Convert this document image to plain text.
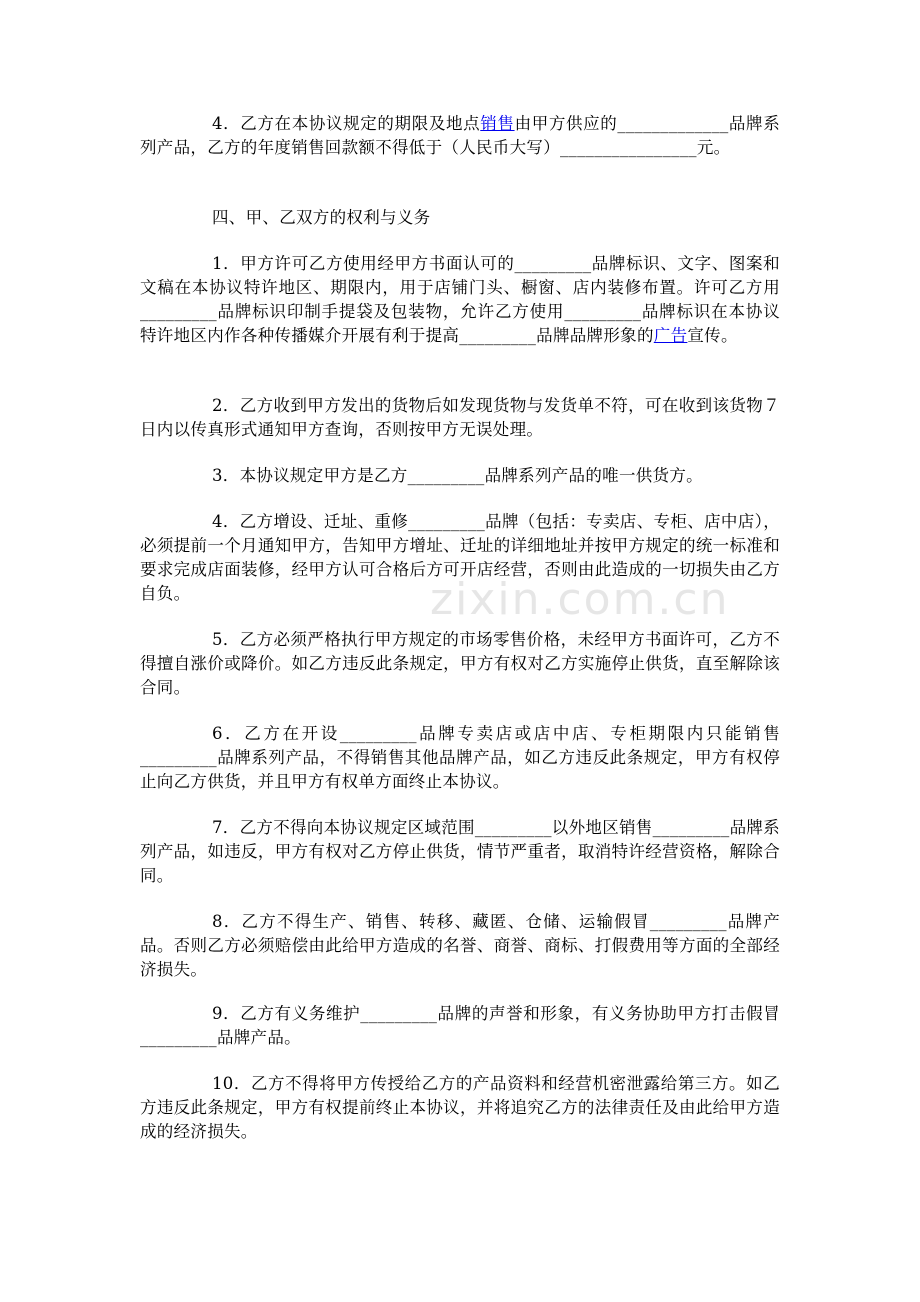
zixin.com.cn

4．乙方在本协议规定的期限及地点销售由甲方供应的_____________品牌系列产品，乙方的年度销售回款额不得低于（人民币大写）________________元。

四、甲、乙双方的权利与义务

1．甲方许可乙方使用经甲方书面认可的_________品牌标识、文字、图案和文稿在本协议特许地区、期限内，用于店铺门头、橱窗、店内装修布置。许可乙方用_________品牌标识印制手提袋及包装物，允许乙方使用_________品牌标识在本协议特许地区内作各种传播媒介开展有利于提高_________品牌品牌形象的广告宣传。

2．乙方收到甲方发出的货物后如发现货物与发货单不符，可在收到该货物７日内以传真形式通知甲方查询，否则按甲方无误处理。

3．本协议规定甲方是乙方_________品牌系列产品的唯一供货方。

4．乙方增设、迁址、重修_________品牌（包括：专卖店、专柜、店中店），必须提前一个月通知甲方，告知甲方增址、迁址的详细地址并按甲方规定的统一标准和要求完成店面装修，经甲方认可合格后方可开店经营，否则由此造成的一切损失由乙方自负。

5．乙方必须严格执行甲方规定的市场零售价格，未经甲方书面许可，乙方不得擅自涨价或降价。如乙方违反此条规定，甲方有权对乙方实施停止供货，直至解除该合同。

6．乙方在开设_________品牌专卖店或店中店、专柜期限内只能销售_________品牌系列产品，不得销售其他品牌产品，如乙方违反此条规定，甲方有权停止向乙方供货，并且甲方有权单方面终止本协议。

7．乙方不得向本协议规定区域范围_________以外地区销售_________品牌系列产品，如违反，甲方有权对乙方停止供货，情节严重者，取消特许经营资格，解除合同。

8．乙方不得生产、销售、转移、藏匿、仓储、运输假冒_________品牌产品。否则乙方必须赔偿由此给甲方造成的名誉、商誉、商标、打假费用等方面的全部经济损失。

9．乙方有义务维护_________品牌的声誉和形象，有义务协助甲方打击假冒_________品牌产品。

10．乙方不得将甲方传授给乙方的产品资料和经营机密泄露给第三方。如乙方违反此条规定，甲方有权提前终止本协议，并将追究乙方的法律责任及由此给甲方造成的经济损失。
